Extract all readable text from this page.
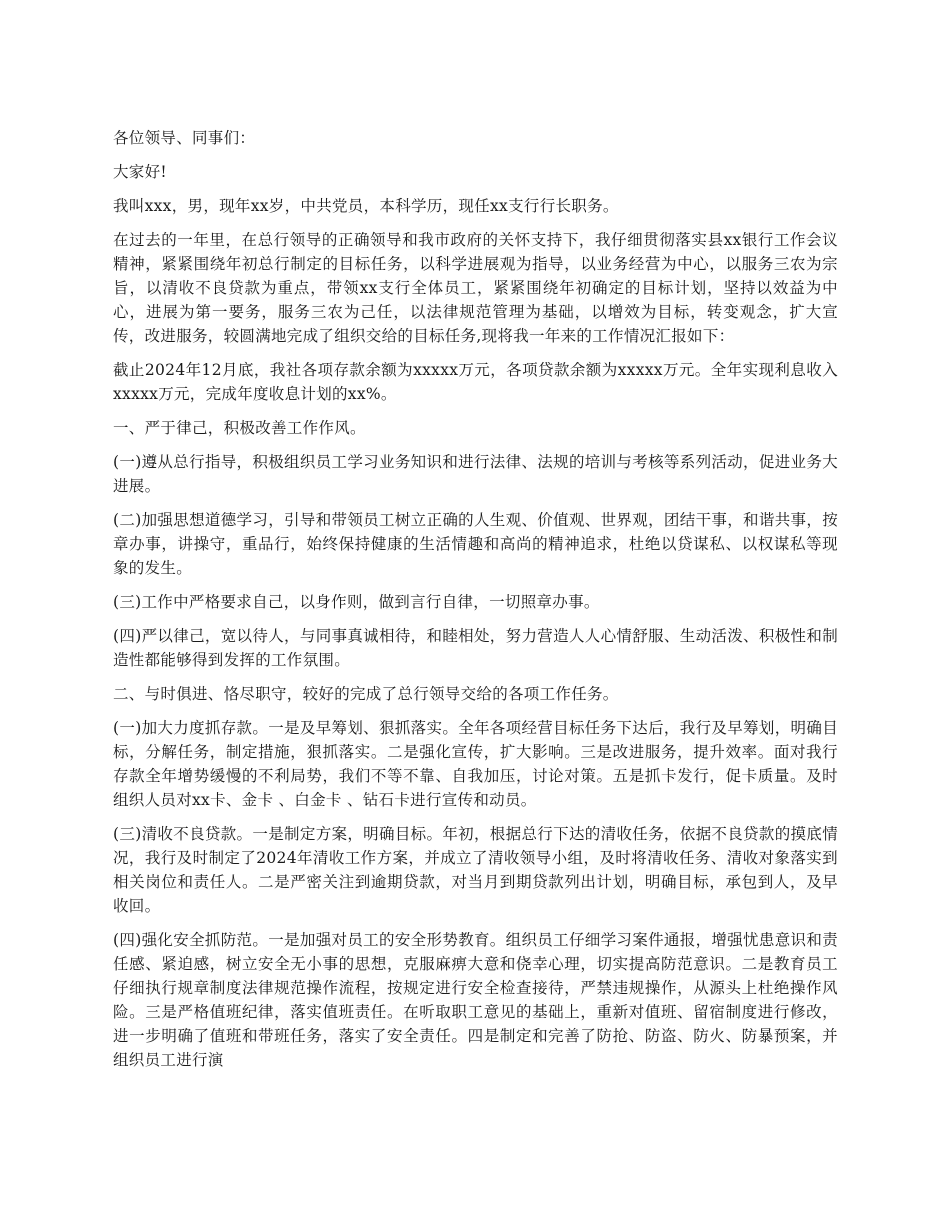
各位领导、同事们：

大家好!

我叫xxx，男，现年xx岁，中共党员，本科学历，现任xx支行行长职务。

在过去的一年里，在总行领导的正确领导和我市政府的关怀支持下，我仔细贯彻落实县xx银行工作会议精神，紧紧围绕年初总行制定的目标任务，以科学进展观为指导，以业务经营为中心，以服务三农为宗旨，以清收不良贷款为重点，带领xx支行全体员工，紧紧围绕年初确定的目标计划，坚持以效益为中心，进展为第一要务，服务三农为己任，以法律规范管理为基础，以增效为目标，转变观念，扩大宣传，改进服务，较圆满地完成了组织交给的目标任务,现将我一年来的工作情况汇报如下：

截止2024年12月底，我社各项存款余额为xxxxx万元，各项贷款余额为xxxxx万元。全年实现利息收入xxxxx万元，完成年度收息计划的xx%。

一、严于律己，积极改善工作作风。

(一)遵从总行指导，积极组织员工学习业务知识和进行法律、法规的培训与考核等系列活动，促进业务大进展。

(二)加强思想道德学习，引导和带领员工树立正确的人生观、价值观、世界观，团结干事，和谐共事，按章办事，讲操守，重品行，始终保持健康的生活情趣和高尚的精神追求，杜绝以贷谋私、以权谋私等现象的发生。

(三)工作中严格要求自己，以身作则，做到言行自律，一切照章办事。

(四)严以律己，宽以待人，与同事真诚相待，和睦相处，努力营造人人心情舒服、生动活泼、积极性和制造性都能够得到发挥的工作氛围。

二、与时俱进、恪尽职守，较好的完成了总行领导交给的各项工作任务。

(一)加大力度抓存款。一是及早筹划、狠抓落实。全年各项经营目标任务下达后，我行及早筹划，明确目标，分解任务，制定措施，狠抓落实。二是强化宣传，扩大影响。三是改进服务，提升效率。面对我行存款全年增势缓慢的不利局势，我们不等不靠、自我加压，讨论对策。五是抓卡发行，促卡质量。及时组织人员对xx卡、金卡 、白金卡 、钻石卡进行宣传和动员。

(三)清收不良贷款。一是制定方案，明确目标。年初，根据总行下达的清收任务，依据不良贷款的摸底情况，我行及时制定了2024年清收工作方案，并成立了清收领导小组，及时将清收任务、清收对象落实到相关岗位和责任人。二是严密关注到逾期贷款，对当月到期贷款列出计划，明确目标，承包到人，及早收回。

(四)强化安全抓防范。一是加强对员工的安全形势教育。组织员工仔细学习案件通报，增强忧患意识和责任感、紧迫感，树立安全无小事的思想，克服麻痹大意和侥幸心理，切实提高防范意识。二是教育员工仔细执行规章制度法律规范操作流程，按规定进行安全检查接待，严禁违规操作，从源头上杜绝操作风险。三是严格值班纪律，落实值班责任。在听取职工意见的基础上，重新对值班、留宿制度进行修改，进一步明确了值班和带班任务，落实了安全责任。四是制定和完善了防抢、防盗、防火、防暴预案，并组织员工进行演
